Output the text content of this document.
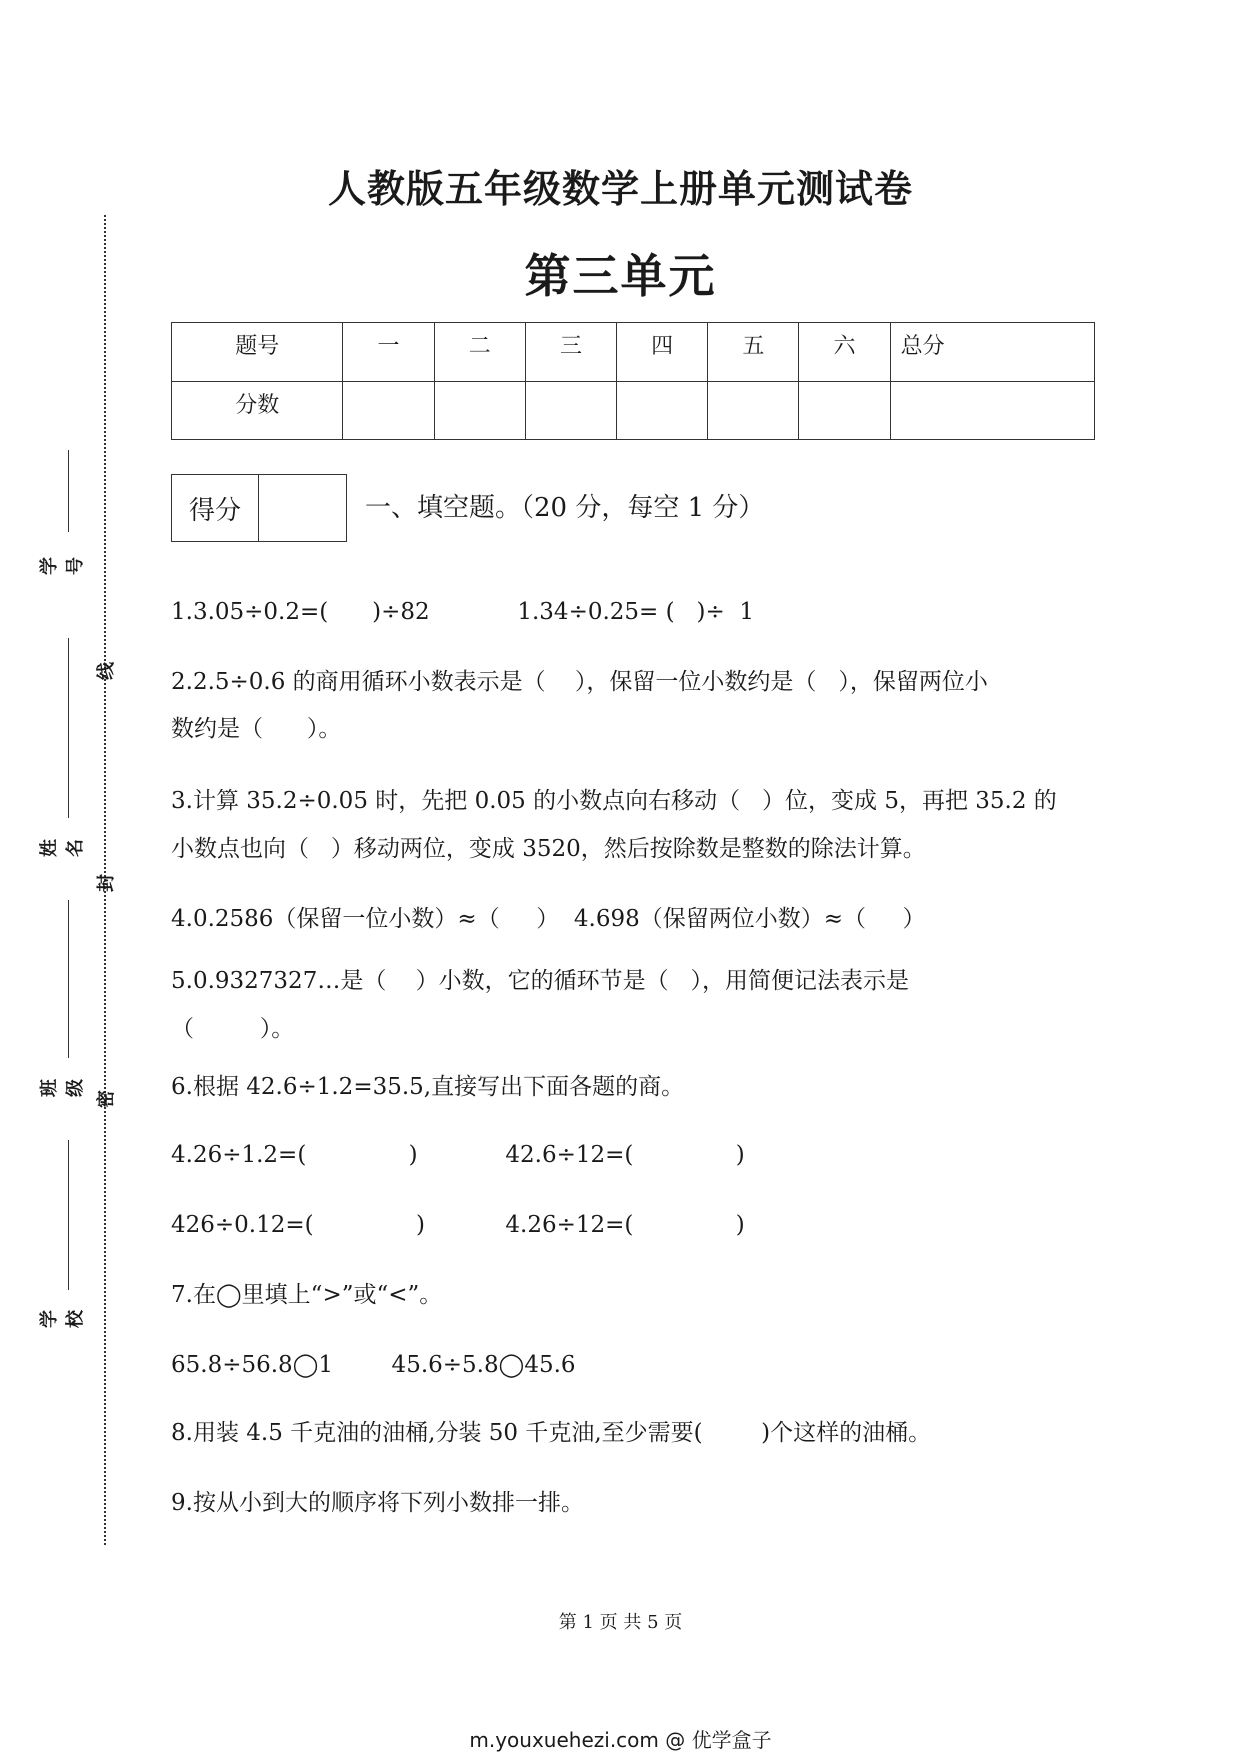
学号
姓名
班级
学校
线
封
密
人教版五年级数学上册单元测试卷
第三单元
题号	一	二	三	四	五	六	总分
分数							
得分	一、填空题。（20 分，每空 1 分）
1.3.05÷0.2=(      )÷82            1.34÷0.25= (   )÷  1
2.2.5÷0.6 的商用循环小数表示是（    ），保留一位小数约是（   ），保留两位小
数约是（      ）。
3.计算 35.2÷0.05 时，先把 0.05 的小数点向右移动（   ）位，变成 5，再把 35.2 的
小数点也向（   ）移动两位，变成 3520，然后按除数是整数的除法计算。
4.0.2586（保留一位小数）≈（     ）  4.698（保留两位小数）≈（     ）
5.0.9327327…是（    ）小数，它的循环节是（   ），用简便记法表示是
（         ）。
6.根据 42.6÷1.2=35.5,直接写出下面各题的商。
4.26÷1.2=(              )            42.6÷12=(              )
426÷0.12=(              )           4.26÷12=(              )
7.在◯里填上“>”或“<”。
65.8÷56.8◯1        45.6÷5.8◯45.6
8.用装 4.5 千克油的油桶,分装 50 千克油,至少需要(        )个这样的油桶。
9.按从小到大的顺序将下列小数排一排。
第 1 页 共 5 页
m.youxuehezi.com @ 优学盒子
